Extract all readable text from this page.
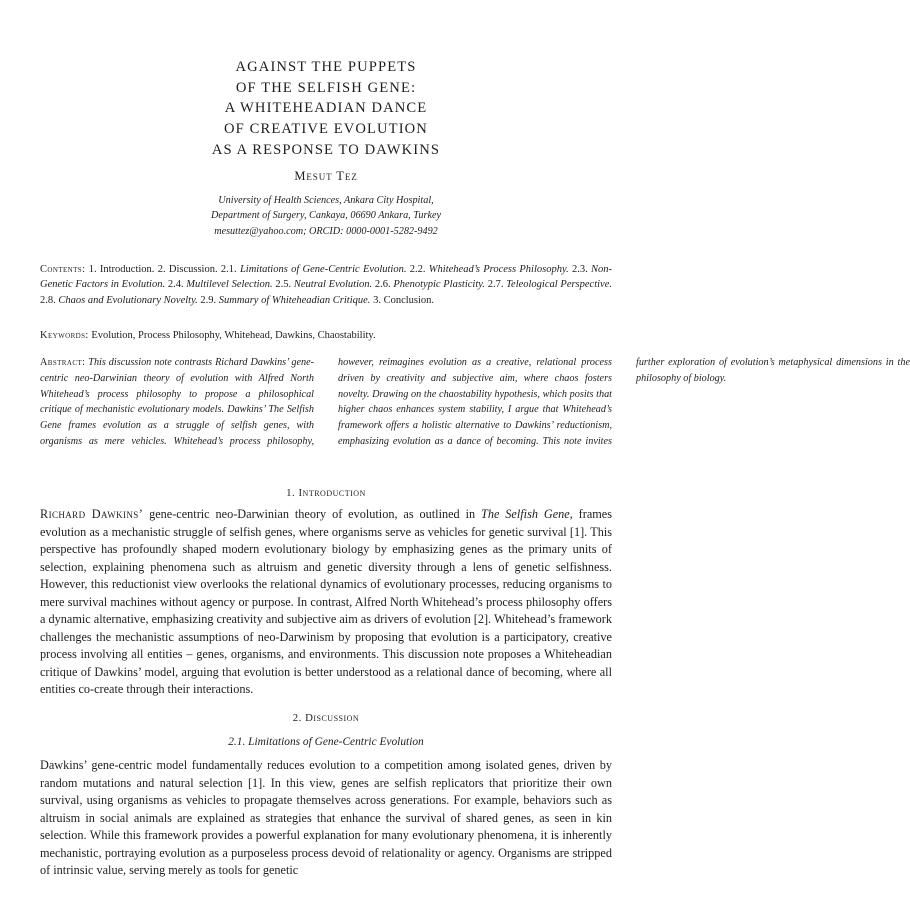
AGAINST THE PUPPETS
OF THE SELFISH GENE:
A WHITEHEADIAN DANCE
OF CREATIVE EVOLUTION
AS A RESPONSE TO DAWKINS
Mesut Tez
University of Health Sciences, Ankara City Hospital,
Department of Surgery, Cankaya, 06690 Ankara, Turkey
mesuttez@yahoo.com; ORCID: 0000-0001-5282-9492
Contents: 1. Introduction. 2. Discussion. 2.1. Limitations of Gene-Centric Evolution. 2.2. Whitehead’s Process Philosophy. 2.3. Non-Genetic Factors in Evolution. 2.4. Multilevel Selection. 2.5. Neutral Evolution. 2.6. Phenotypic Plasticity. 2.7. Teleological Perspective. 2.8. Chaos and Evolutionary Novelty. 2.9. Summary of Whiteheadian Critique. 3. Conclusion.
Keywords: Evolution, Process Philosophy, Whitehead, Dawkins, Chaostability.
Abstract: This discussion note contrasts Richard Dawkins’ gene-centric neo-Darwinian theory of evolution with Alfred North Whitehead’s process philosophy to propose a philosophical critique of mechanistic evolutionary models. Dawkins’ The Selfish Gene frames evolution as a struggle of selfish genes, with organisms as mere vehicles. Whitehead’s process philosophy, however, reimagines evolution as a creative, relational process driven by creativity and subjective aim, where chaos fosters novelty. Drawing on the chaostability hypothesis, which posits that higher chaos enhances system stability, I argue that Whitehead’s framework offers a holistic alternative to Dawkins’ reductionism, emphasizing evolution as a dance of becoming. This note invites further exploration of evolution’s metaphysical dimensions in the philosophy of biology.
1. Introduction
Richard Dawkins’ gene-centric neo-Darwinian theory of evolution, as outlined in The Selfish Gene, frames evolution as a mechanistic struggle of selfish genes, where organisms serve as vehicles for genetic survival [1]. This perspective has profoundly shaped modern evolutionary biology by emphasizing genes as the primary units of selection, explaining phenomena such as altruism and genetic diversity through a lens of genetic selfishness. However, this reductionist view overlooks the relational dynamics of evolutionary processes, reducing organisms to mere survival machines without agency or purpose. In contrast, Alfred North Whitehead’s process philosophy offers a dynamic alternative, emphasizing creativity and subjective aim as drivers of evolution [2]. Whitehead’s framework challenges the mechanistic assumptions of neo-Darwinism by proposing that evolution is a participatory, creative process involving all entities – genes, organisms, and environments. This discussion note proposes a Whiteheadian critique of Dawkins’ model, arguing that evolution is better understood as a relational dance of becoming, where all entities co-create through their interactions.
2. Discussion
2.1. Limitations of Gene-Centric Evolution
Dawkins’ gene-centric model fundamentally reduces evolution to a competition among isolated genes, driven by random mutations and natural selection [1]. In this view, genes are selfish replicators that prioritize their own survival, using organisms as vehicles to propagate themselves across generations. For example, behaviors such as altruism in social animals are explained as strategies that enhance the survival of shared genes, as seen in kin selection. While this framework provides a powerful explanation for many evolutionary phenomena, it is inherently mechanistic, portraying evolution as a purposeless process devoid of relationality or agency. Organisms are stripped of intrinsic value, serving merely as tools for genetic
